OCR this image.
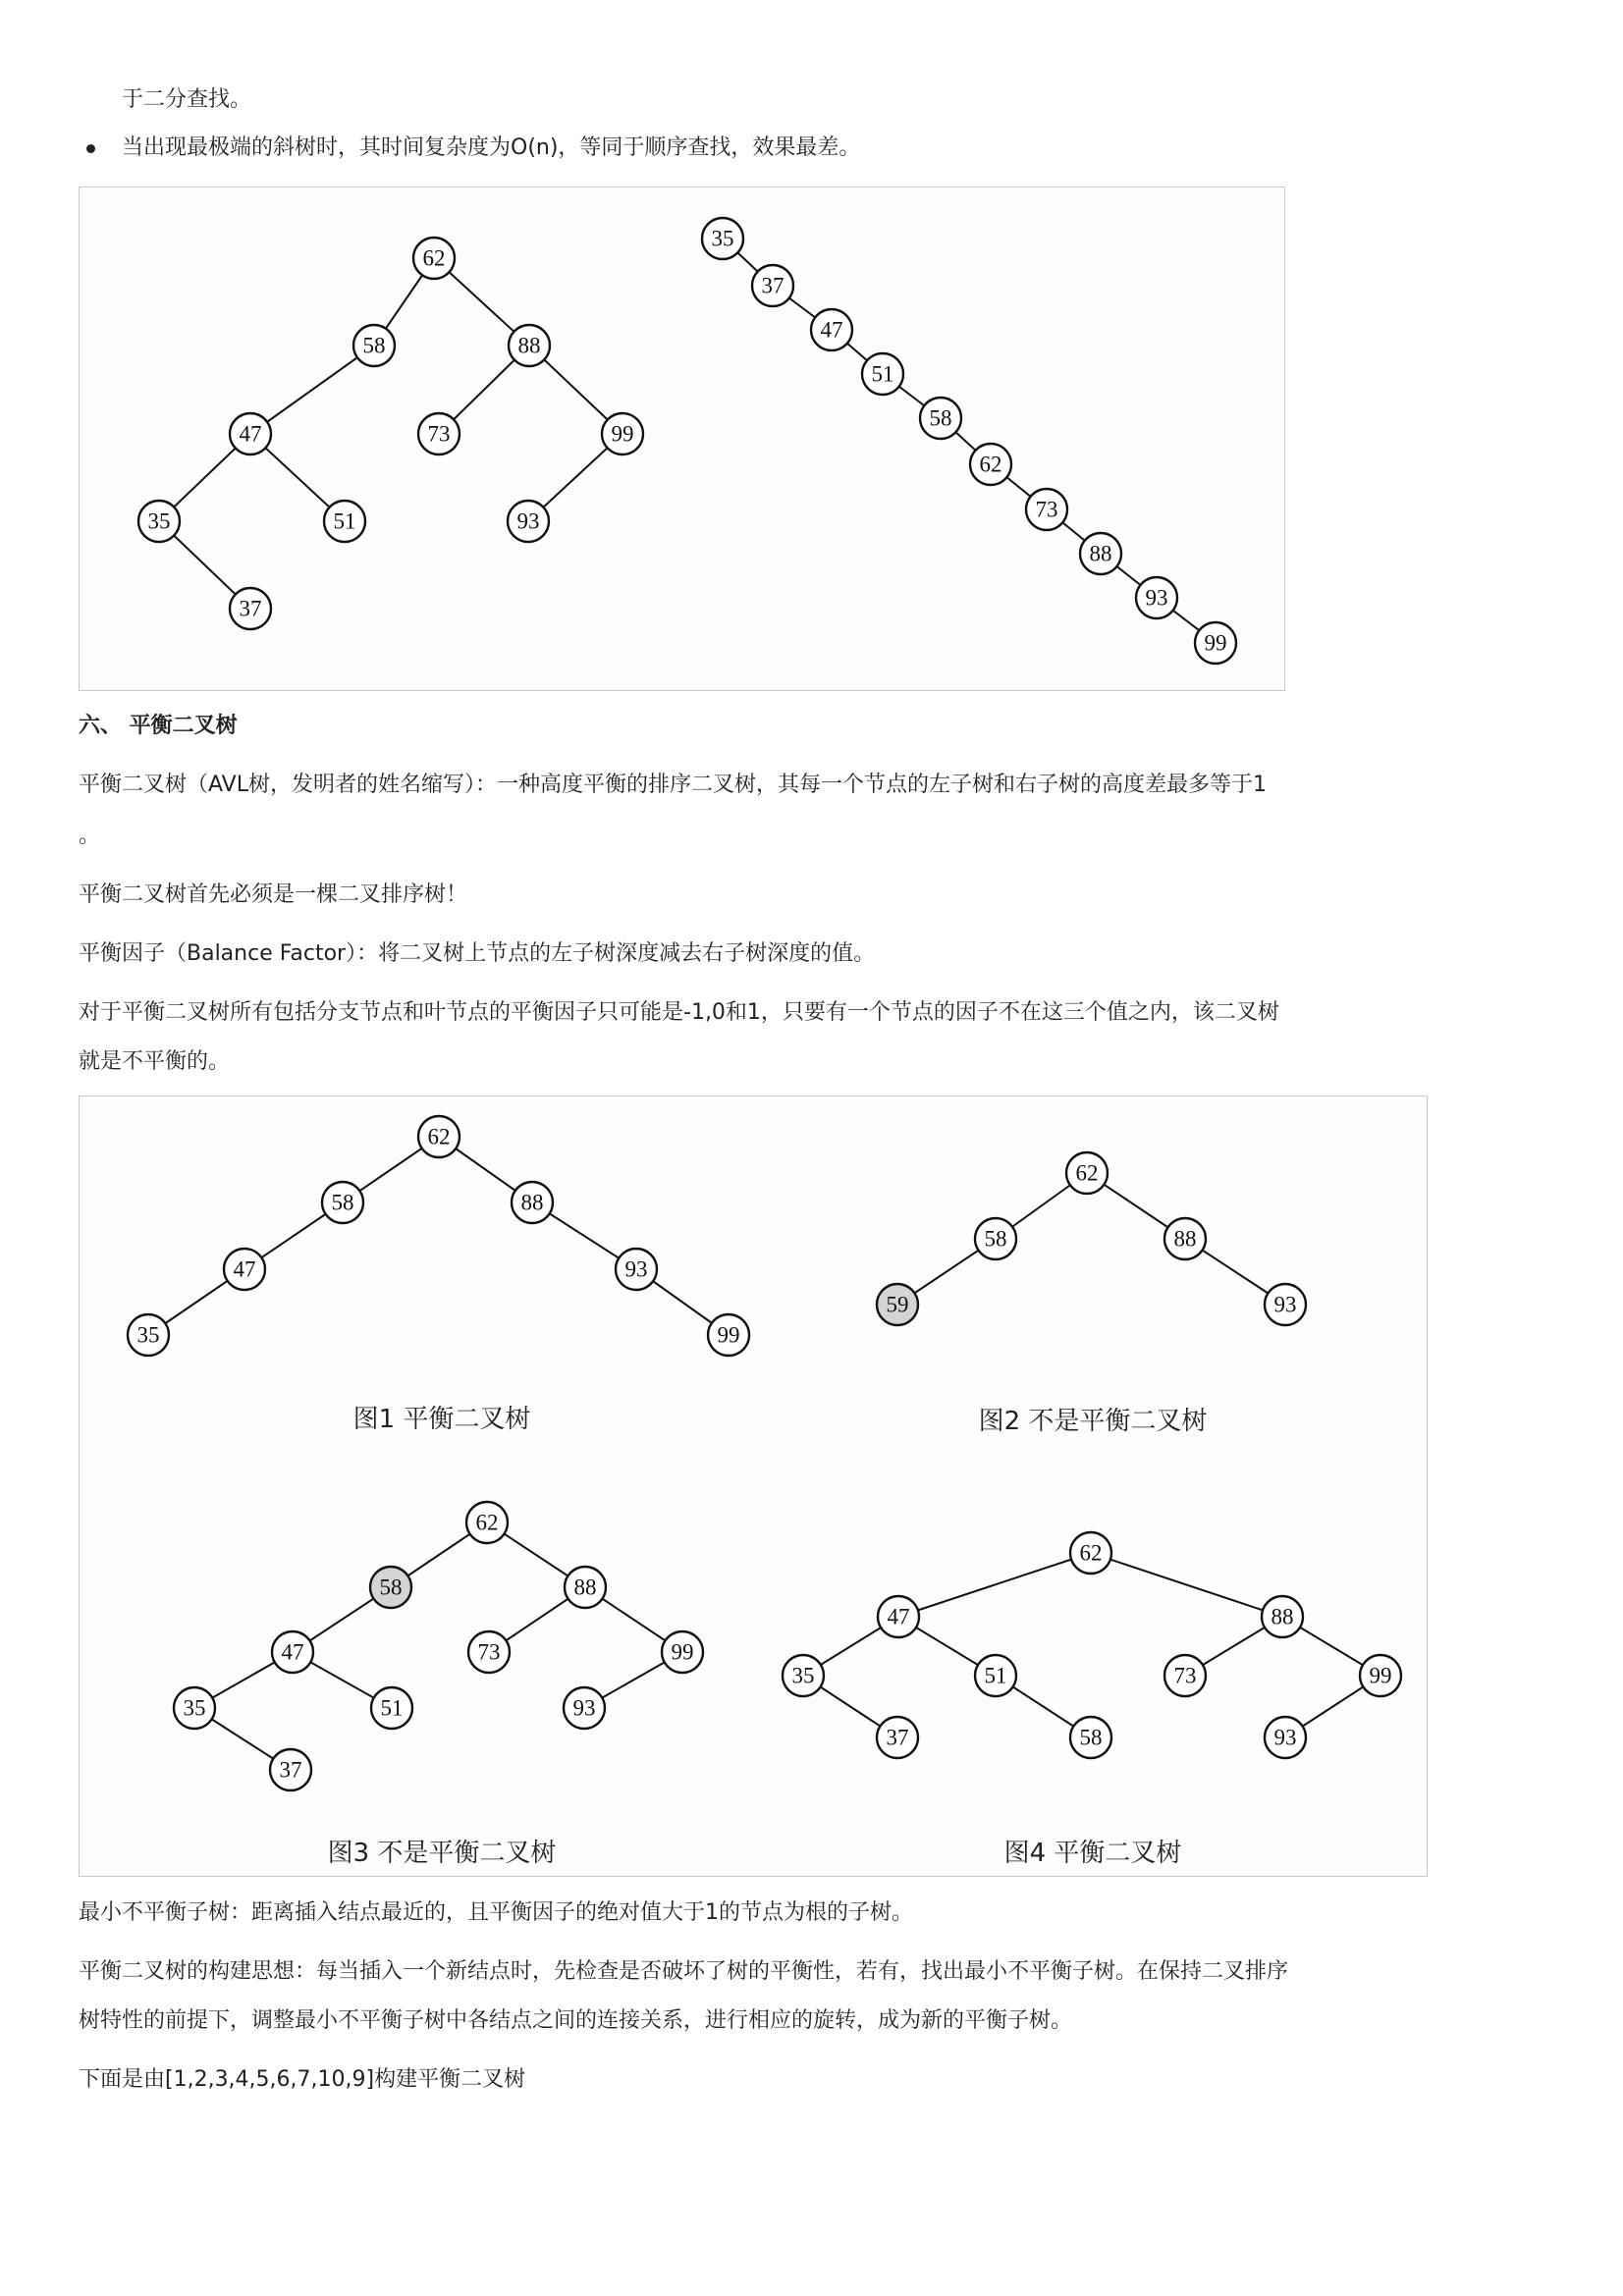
于二分查找。
当出现最极端的斜树时，其时间复杂度为O(n)，等同于顺序查找，效果最差。
62
58	88
47	73	99
35	51	93
37
35
37
47
51
58
62
73
88
93
99
六、 平衡二叉树
平衡二叉树（AVL树，发明者的姓名缩写）：一种高度平衡的排序二叉树，其每一个节点的左子树和右子树的高度差最多等于1
。
平衡二叉树首先必须是一棵二叉排序树！
平衡因子（Balance Factor）：将二叉树上节点的左子树深度减去右子树深度的值。
对于平衡二叉树所有包括分支节点和叶节点的平衡因子只可能是-1,0和1，只要有一个节点的因子不在这三个值之内，该二叉树
就是不平衡的。
62
58	88
47	93
35	99
图1 平衡二叉树
62
58	88
59	93
图2 不是平衡二叉树
62
58	88
47	73	99
35	51	93
37
图3 不是平衡二叉树
62
47	88
35	51	73	99
37	58	93
图4 平衡二叉树
最小不平衡子树：距离插入结点最近的，且平衡因子的绝对值大于1的节点为根的子树。
平衡二叉树的构建思想：每当插入一个新结点时，先检查是否破坏了树的平衡性，若有，找出最小不平衡子树。在保持二叉排序
树特性的前提下，调整最小不平衡子树中各结点之间的连接关系，进行相应的旋转，成为新的平衡子树。
下面是由[1,2,3,4,5,6,7,10,9]构建平衡二叉树
